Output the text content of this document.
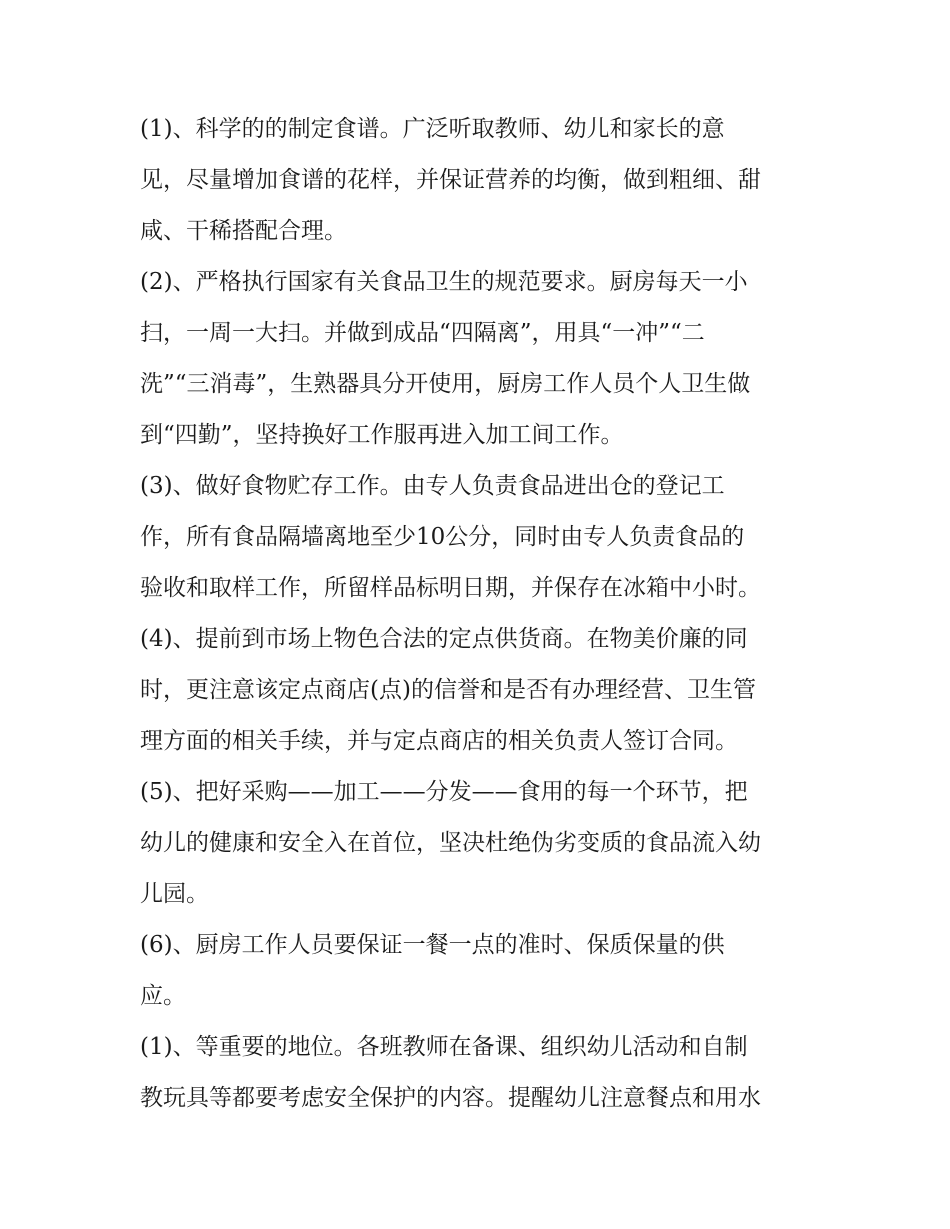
(1)、科学的的制定食谱。广泛听取教师、幼儿和家长的意
见，尽量增加食谱的花样，并保证营养的均衡，做到粗细、甜
咸、干稀搭配合理。
(2)、严格执行国家有关食品卫生的规范要求。厨房每天一小
扫，一周一大扫。并做到成品“四隔离”，用具“一冲”“二
洗”“三消毒”，生熟器具分开使用，厨房工作人员个人卫生做
到“四勤”，坚持换好工作服再进入加工间工作。
(3)、做好食物贮存工作。由专人负责食品进出仓的登记工
作，所有食品隔墙离地至少10公分，同时由专人负责食品的
验收和取样工作，所留样品标明日期，并保存在冰箱中小时。
(4)、提前到市场上物色合法的定点供货商。在物美价廉的同
时，更注意该定点商店(点)的信誉和是否有办理经营、卫生管
理方面的相关手续，并与定点商店的相关负责人签订合同。
(5)、把好采购——加工——分发——食用的每一个环节，把
幼儿的健康和安全入在首位，坚决杜绝伪劣变质的食品流入幼
儿园。
(6)、厨房工作人员要保证一餐一点的准时、保质保量的供
应。
(1)、等重要的地位。各班教师在备课、组织幼儿活动和自制
教玩具等都要考虑安全保护的内容。提醒幼儿注意餐点和用水
